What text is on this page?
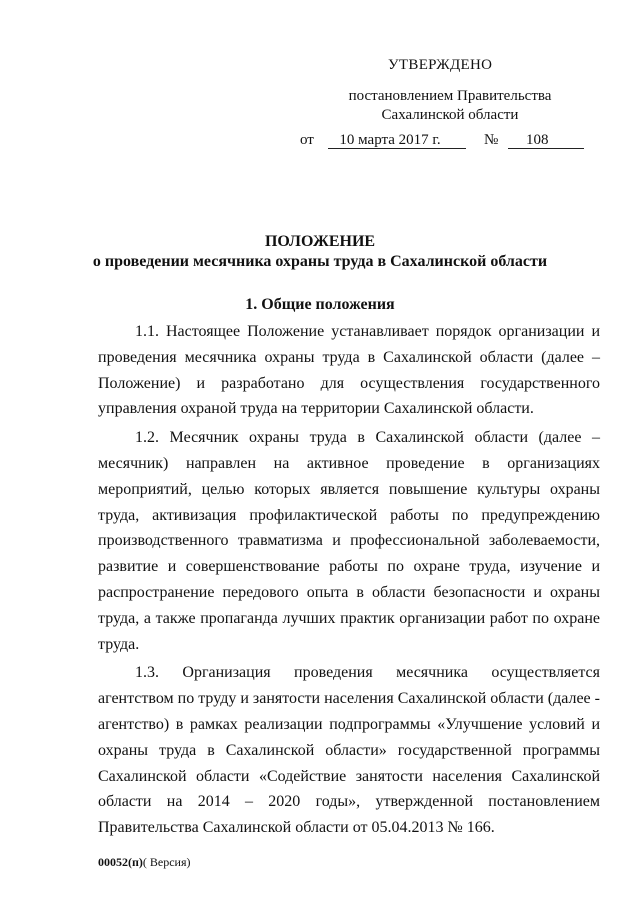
УТВЕРЖДЕНО
постановлением Правительства
Сахалинской области
от	10 марта 2017 г.	№	108
ПОЛОЖЕНИЕ
о проведении месячника охраны труда в Сахалинской области
1. Общие положения

1.1. Настоящее Положение устанавливает порядок организации и проведения месячника охраны труда в Сахалинской области (далее – Положение) и разработано для осуществления государственного управления охраной труда на территории Сахалинской области.

1.2. Месячник охраны труда в Сахалинской области (далее – месячник) направлен на активное проведение в организациях мероприятий, целью которых является повышение культуры охраны труда, активизация профилактической работы по предупреждению производственного травматизма и профессиональной заболеваемости, развитие и совершенствование работы по охране труда, изучение и распространение передового опыта в области безопасности и охраны труда, а также пропаганда лучших практик организации работ по охране труда.

1.3. Организация проведения месячника осуществляется агентством по труду и занятости населения Сахалинской области (далее - агентство) в рамках реализации подпрограммы «Улучшение условий и охраны труда в Сахалинской области» государственной программы Сахалинской области «Содействие занятости населения Сахалинской области на 2014 – 2020 годы», утвержденной постановлением Правительства Сахалинской области от 05.04.2013 № 166.

00052(п)( Версия)
